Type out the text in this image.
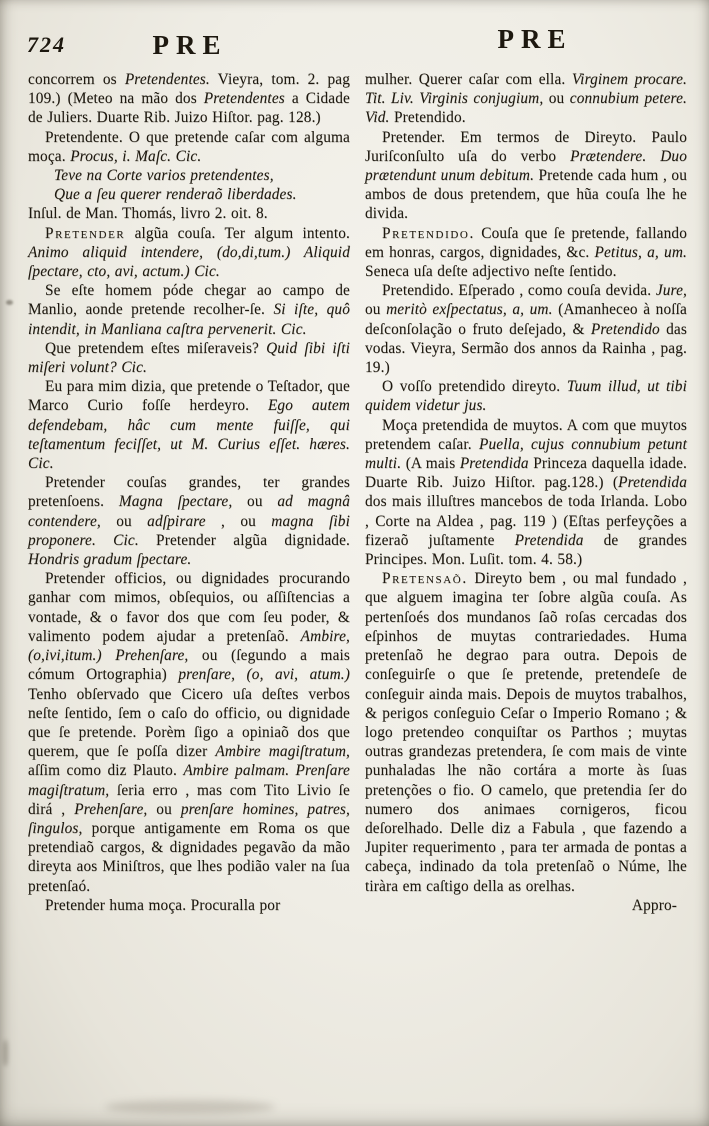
724	PRE	PRE
concorrem os Pretendentes. Vieyra, tom. 2. pag 109.) (Meteo na mão dos Pretendentes a Cidade de Juliers. Duarte Rib. Juizo Hiſtor. pag. 128.)
Pretendente. O que pretende caſar com alguma moça. Procus, i. Maſc. Cic.
Teve na Corte varios pretendentes,
Que a ſeu querer renderaõ liberdades.
Inſul. de Man. Thomás, livro 2. oit. 8.
Pretender algũa couſa. Ter algum intento. Animo aliquid intendere, (do,di,tum.) Aliquid ſpectare, cto, avi, actum.) Cic.
Se eſte homem póde chegar ao campo de Manlio, aonde pretende recolher-ſe. Si iſte, quô intendit, in Manliana caſtra pervenerit. Cic.
Que pretendem eſtes miſeraveis? Quid ſibi iſti miſeri volunt? Cic.
Eu para mim dizia, que pretende o Teſtador, que Marco Curio foſſe herdeyro. Ego autem defendebam, hâc cum mente fuiſſe, qui teſtamentum feciſſet, ut M. Curius eſſet. hæres. Cic.
Pretender couſas grandes, ter grandes pretenſoens. Magna ſpectare, ou ad magnâ contendere, ou adſpirare , ou magna ſibi proponere. Cic. Pretender algũa dignidade. Hondris gradum ſpectare.
Pretender officios, ou dignidades procurando ganhar com mimos, obſequios, ou aſſiſtencias a vontade, & o favor dos que com ſeu poder, & valimento podem ajudar a pretenſaõ. Ambire, (o,ivi,itum.) Prehenſare, ou (ſegundo a mais cómum Ortographia) prenſare, (o, avi, atum.) Tenho obſervado que Cicero uſa deſtes verbos neſte ſentido, ſem o caſo do officio, ou dignidade que ſe pretende. Porèm ſigo a opiniaõ dos que querem, que ſe poſſa dizer Ambire magiſtratum, aſſim como diz Plauto. Ambire palmam. Prenſare magiſtratum, ſeria erro , mas com Tito Livio ſe dirá , Prehenſare, ou prenſare homines, patres, ſingulos, porque antigamente em Roma os que pretendiaõ cargos, & dignidades pegavão da mão direyta aos Miniſtros, que lhes podião valer na ſua pretenſaó.
Pretender huma moça. Procuralla por
mulher. Querer caſar com ella. Virginem procare. Tit. Liv. Virginis conjugium, ou connubium petere. Vid. Pretendido.
Pretender. Em termos de Direyto. Paulo Juriſconſulto uſa do verbo Prætendere. Duo prætendunt unum debitum. Pretende cada hum , ou ambos de dous pretendem, que hũa couſa lhe he divida.
Pretendido. Couſa que ſe pretende, fallando em honras, cargos, dignidades, &c. Petitus, a, um. Seneca uſa deſte adjectivo neſte ſentido.
Pretendido. Eſperado , como couſa devida. Jure, ou meritò exſpectatus, a, um. (Amanheceo à noſſa deſconſolação o fruto deſejado, & Pretendido das vodas. Vieyra, Sermão dos annos da Rainha , pag. 19.)
O voſſo pretendido direyto. Tuum illud, ut tibi quidem videtur jus.
Moça pretendida de muytos. A com que muytos pretendem caſar. Puella, cujus connubium petunt multi. (A mais Pretendida Princeza daquella idade. Duarte Rib. Juizo Hiſtor. pag.128.) (Pretendida dos mais illuſtres mancebos de toda Irlanda. Lobo , Corte na Aldea , pag. 119 ) (Eſtas perfeyções a fizeraõ juſtamente Pretendida de grandes Principes. Mon. Luſit. tom. 4. 58.)
Pretensaõ. Direyto bem , ou mal fundado , que alguem imagina ter ſobre algũa couſa. As pertenſoés dos mundanos ſaõ roſas cercadas dos eſpinhos de muytas contrariedades. Huma pretenſaõ he degrao para outra. Depois de conſeguirſe o que ſe pretende, pretendeſe de conſeguir ainda mais. Depois de muytos trabalhos, & perigos conſeguio Ceſar o Imperio Romano ; & logo pretendeo conquiſtar os Parthos ; muytas outras grandezas pretendera, ſe com mais de vinte punhaladas lhe não cortára a morte às ſuas pretenções o fio. O camelo, que pretendia ſer do numero dos animaes cornigeros, ficou deſorelhado. Delle diz a Fabula , que fazendo a Jupiter requerimento , para ter armada de pontas a cabeça, indinado da tola pretenſaõ o Núme, lhe tiràra em caſtigo della as orelhas.
Appro-
